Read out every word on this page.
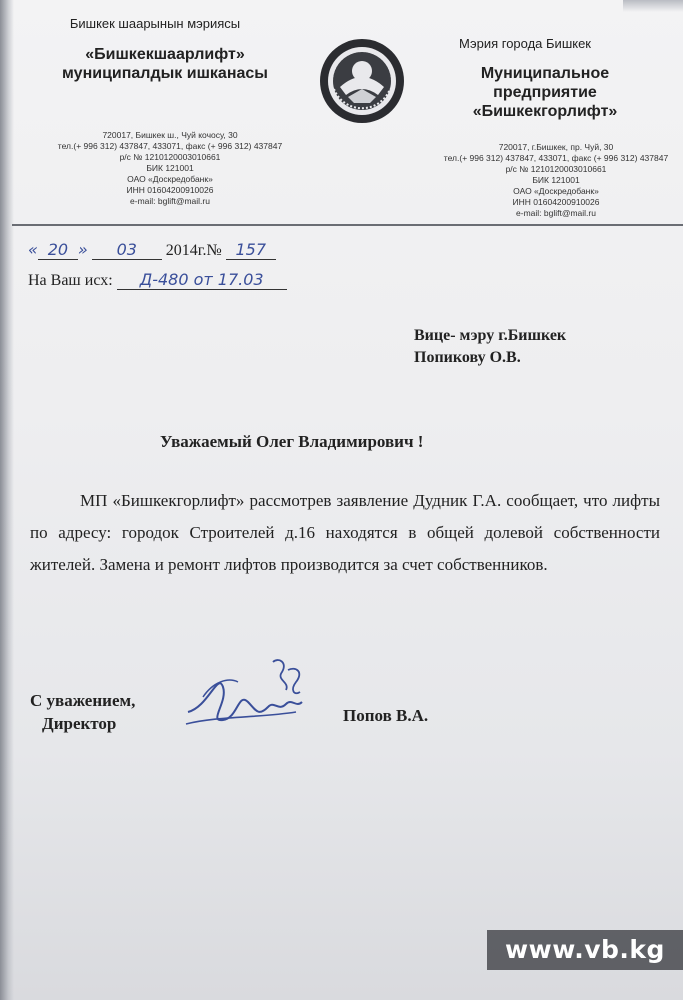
Бишкек шаарынын мэриясы
«Бишкекшаарлифт»
муниципалдык ишканасы
720017, Бишкек ш., Чуй кочосу, 30
тел.(+ 996 312) 437847, 433071, факс (+ 996 312) 437847
р/с № 1210120003010661
БИК 121001
ОАО «Доскредобанк»
ИНН 01604200910026
e-mail: bglift@mail.ru
Мэрия города Бишкек
Муниципальное предприятие
«Бишкекгорлифт»
720017, г.Бишкек, пр. Чуй, 30
тел.(+ 996 312) 437847, 433071, факс (+ 996 312) 437847
р/с № 1210120003010661
БИК 121001
ОАО «Доскредобанк»
ИНН 01604200910026
e-mail: bglift@mail.ru
« 20 » 03 2014г.№ 157
На Ваш исх: Д-480 от 17.03
Вице- мэру г.Бишкек
Попикову О.В.
Уважаемый Олег Владимирович !
МП «Бишкекгорлифт» рассмотрев заявление Дудник Г.А. сообщает, что лифты по адресу: городок Строителей д.16 находятся в общей долевой собственности жителей. Замена и ремонт лифтов производится за счет собственников.
С уважением,
Директор	Попов В.А.
www.vb.kg
